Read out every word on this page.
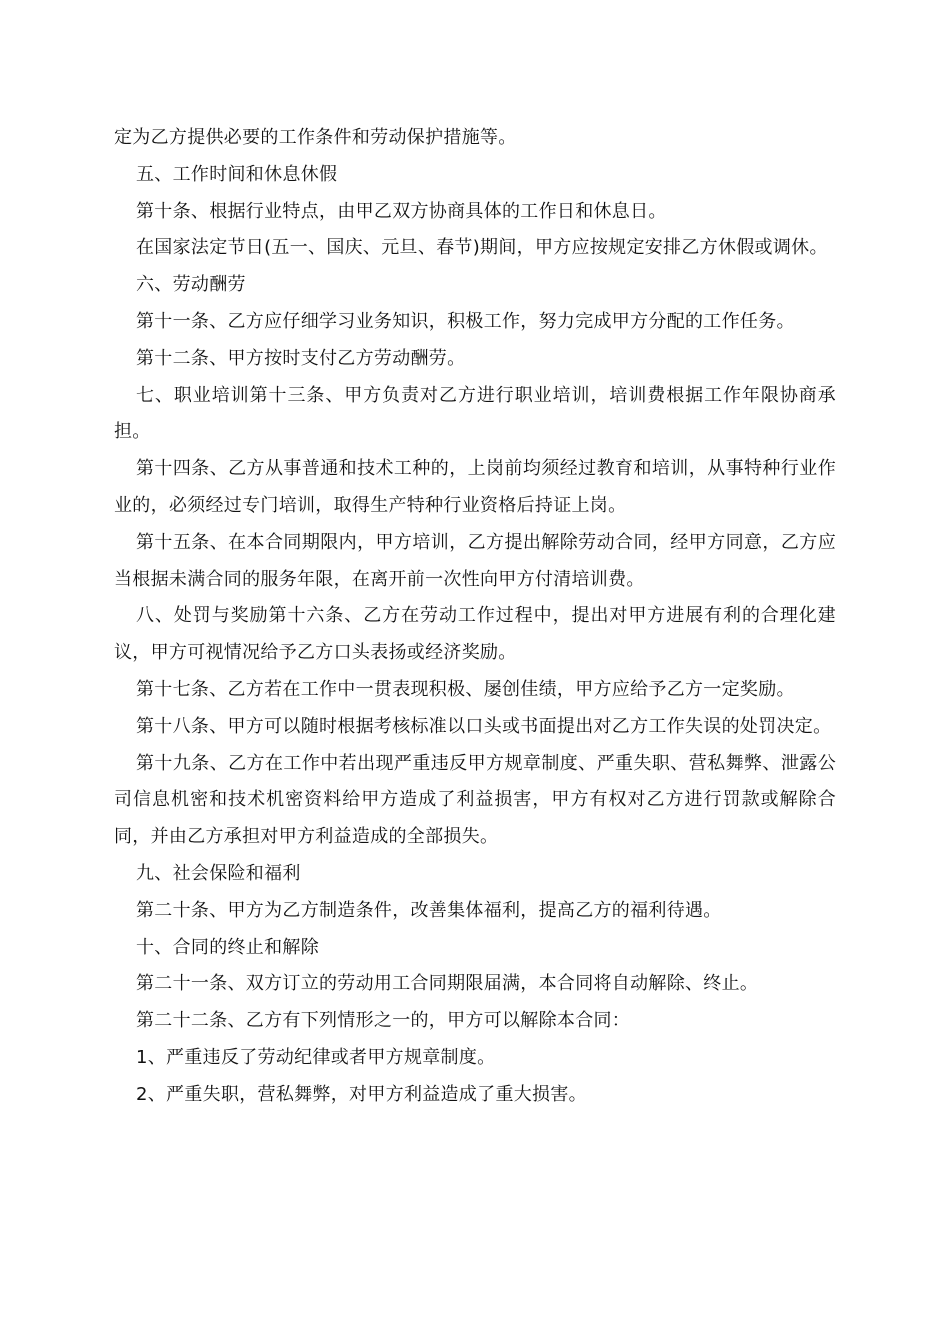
定为乙方提供必要的工作条件和劳动保护措施等。

五、工作时间和休息休假

第十条、根据行业特点，由甲乙双方协商具体的工作日和休息日。

在国家法定节日(五一、国庆、元旦、春节)期间，甲方应按规定安排乙方休假或调休。

六、劳动酬劳

第十一条、乙方应仔细学习业务知识，积极工作，努力完成甲方分配的工作任务。

第十二条、甲方按时支付乙方劳动酬劳。

七、职业培训第十三条、甲方负责对乙方进行职业培训，培训费根据工作年限协商承担。

第十四条、乙方从事普通和技术工种的，上岗前均须经过教育和培训，从事特种行业作业的，必须经过专门培训，取得生产特种行业资格后持证上岗。

第十五条、在本合同期限内，甲方培训，乙方提出解除劳动合同，经甲方同意，乙方应当根据未满合同的服务年限，在离开前一次性向甲方付清培训费。

八、处罚与奖励第十六条、乙方在劳动工作过程中，提出对甲方进展有利的合理化建议，甲方可视情况给予乙方口头表扬或经济奖励。

第十七条、乙方若在工作中一贯表现积极、屡创佳绩，甲方应给予乙方一定奖励。

第十八条、甲方可以随时根据考核标准以口头或书面提出对乙方工作失误的处罚决定。

第十九条、乙方在工作中若出现严重违反甲方规章制度、严重失职、营私舞弊、泄露公司信息机密和技术机密资料给甲方造成了利益损害，甲方有权对乙方进行罚款或解除合同，并由乙方承担对甲方利益造成的全部损失。

九、社会保险和福利

第二十条、甲方为乙方制造条件，改善集体福利，提高乙方的福利待遇。

十、合同的终止和解除

第二十一条、双方订立的劳动用工合同期限届满，本合同将自动解除、终止。

第二十二条、乙方有下列情形之一的，甲方可以解除本合同：

1、严重违反了劳动纪律或者甲方规章制度。

2、严重失职，营私舞弊，对甲方利益造成了重大损害。
